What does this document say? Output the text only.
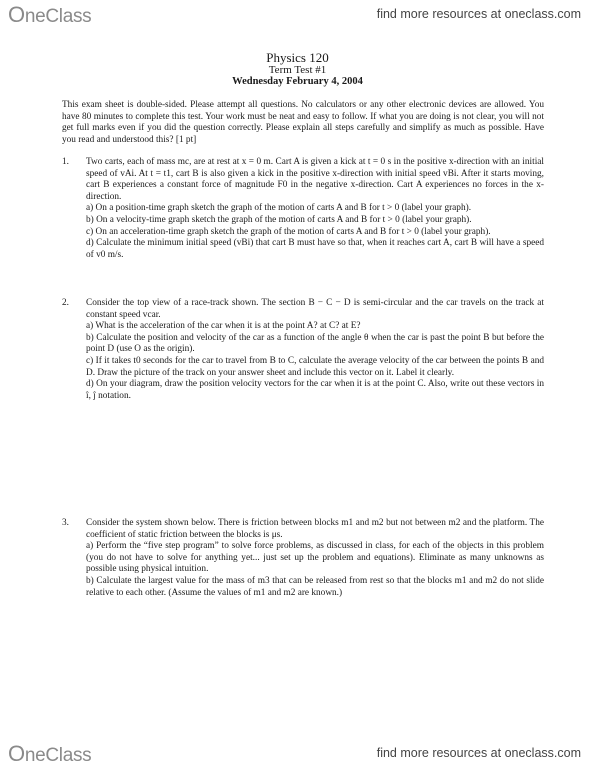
OneClass	find more resources at oneclass.com
Physics 120
Term Test #1
Wednesday February 4, 2004
This exam sheet is double-sided. Please attempt all questions. No calculators or any other electronic devices are allowed. You have 80 minutes to complete this test. Your work must be neat and easy to follow. If what you are doing is not clear, you will not get full marks even if you did the question correctly. Please explain all steps carefully and simplify as much as possible. Have you read and understood this? [1 pt]
1. Two carts, each of mass mc, are at rest at x = 0 m. Cart A is given a kick at t = 0 s in the positive x-direction with an initial speed of vAi. At t = t1, cart B is also given a kick in the positive x-direction with initial speed vBi. After it starts moving, cart B experiences a constant force of magnitude F0 in the negative x-direction. Cart A experiences no forces in the x-direction.

a) On a position-time graph sketch the graph of the motion of carts A and B for t > 0 (label your graph).

b) On a velocity-time graph sketch the graph of the motion of carts A and B for t > 0 (label your graph).

c) On an acceleration-time graph sketch the graph of the motion of carts A and B for t > 0 (label your graph).

d) Calculate the minimum initial speed (vBi) that cart B must have so that, when it reaches cart A, cart B will have a speed of v0 m/s.

2. Consider the top view of a race-track shown. The section B − C − D is semi-circular and the car travels on the track at constant speed vcar.

a) What is the acceleration of the car when it is at the point A? at C? at E?

b) Calculate the position and velocity of the car as a function of the angle θ when the car is past the point B but before the point D (use O as the origin).

c) If it takes t0 seconds for the car to travel from B to C, calculate the average velocity of the car between the points B and D. Draw the picture of the track on your answer sheet and include this vector on it. Label it clearly.

d) On your diagram, draw the position velocity vectors for the car when it is at the point C. Also, write out these vectors in î, ĵ notation.

3. Consider the system shown below. There is friction between blocks m1 and m2 but not between m2 and the platform. The coefficient of static friction between the blocks is μs.

a) Perform the “five step program” to solve force problems, as discussed in class, for each of the objects in this problem (you do not have to solve for anything yet... just set up the problem and equations). Eliminate as many unknowns as possible using physical intuition.

b) Calculate the largest value for the mass of m3 that can be released from rest so that the blocks m1 and m2 do not slide relative to each other. (Assume the values of m1 and m2 are known.)

OneClass	find more resources at oneclass.com
